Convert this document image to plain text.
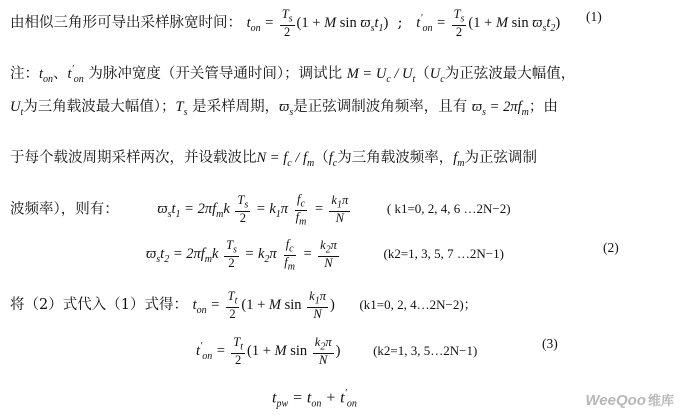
由相似三角形可导出采样脉宽时间： $t_{on} = \frac{T_s}{2} (1 + M$ $\sin ϖ_st_1$)  ;   $t'_{on} = \frac{T_s}{2} (1 + M$ $\sin ϖ_st_2$) (1)
注：$t_{on}$、$t'_{on}$ 为脉冲宽度（开关管导通时间）；调试比 $M = U_c / U_t(U_c$为正弦波最大幅值，
$U_t$为三角载波最大幅值）；$T_s$ 是采样周期，$ϖ_s$是正弦调制波角频率，且有 $ϖ_s = 2\pi f_m$；由
于每个载波周期采样两次，并设载波比$N = f_c / f_m(f_c$为三角载波频率，$f_m$为正弦调制
波频率），则有：	$ϖ_st_1 = 2\pi f_mk \frac{T_s}{2} = k_1\pi \frac{f_c}{f_m} = \frac{k_1\pi}{N}$	( k1=0, 2, 4, 6 …2N−2)
$ϖ_st_2 = 2\pi f_mk \frac{T_s}{2} = k_2\pi \frac{f_c}{f_m} = \frac{k_2\pi}{N}$	(k2=1, 3, 5, 7 …2N−1)	(2)
将（2）式代入（1）式得： $t_{on} = \frac{T_t}{2} (1 + M$ $\sin \frac{k_1\pi}{N}$ ) (k1=0, 2, 4…2N−2)；
$t'_{on} = \frac{T_t}{2} (1 + M$ $\sin \frac{k_2\pi}{N}$ )	(k2=1, 3, 5…2N−1)	(3)
$t_{pw} = t_{on} + t'_{on}$	WeeQoo 维库
